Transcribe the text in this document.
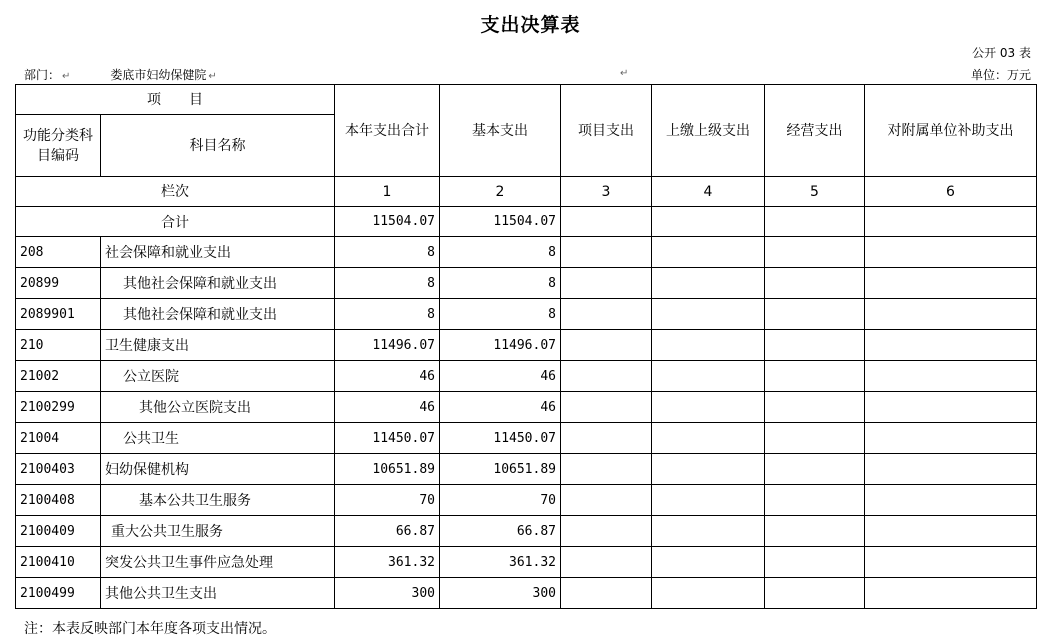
支出决算表
公开 03 表
部门： ↵	娄底市妇幼保健院 ↵	↵	单位：万元
项　　目		本年支出合计	基本支出	项目支出	上缴上级支出	经营支出	对附属单位补助支出
功能分类科目编码	科目名称						
栏次		1	2	3	4	5	6
合计		11504.07	11504.07				
208	社会保障和就业支出	8	8				
20899	其他社会保障和就业支出	8	8				
2089901	其他社会保障和就业支出	8	8				
210	卫生健康支出	11496.07	11496.07				
21002	公立医院	46	46				
2100299	其他公立医院支出	46	46				
21004	公共卫生	11450.07	11450.07				
2100403	妇幼保健机构	10651.89	10651.89				
2100408	基本公共卫生服务	70	70				
2100409	重大公共卫生服务	66.87	66.87				
2100410	突发公共卫生事件应急处理	361.32	361.32				
2100499	其他公共卫生支出	300	300				
注：本表反映部门本年度各项支出情况。
